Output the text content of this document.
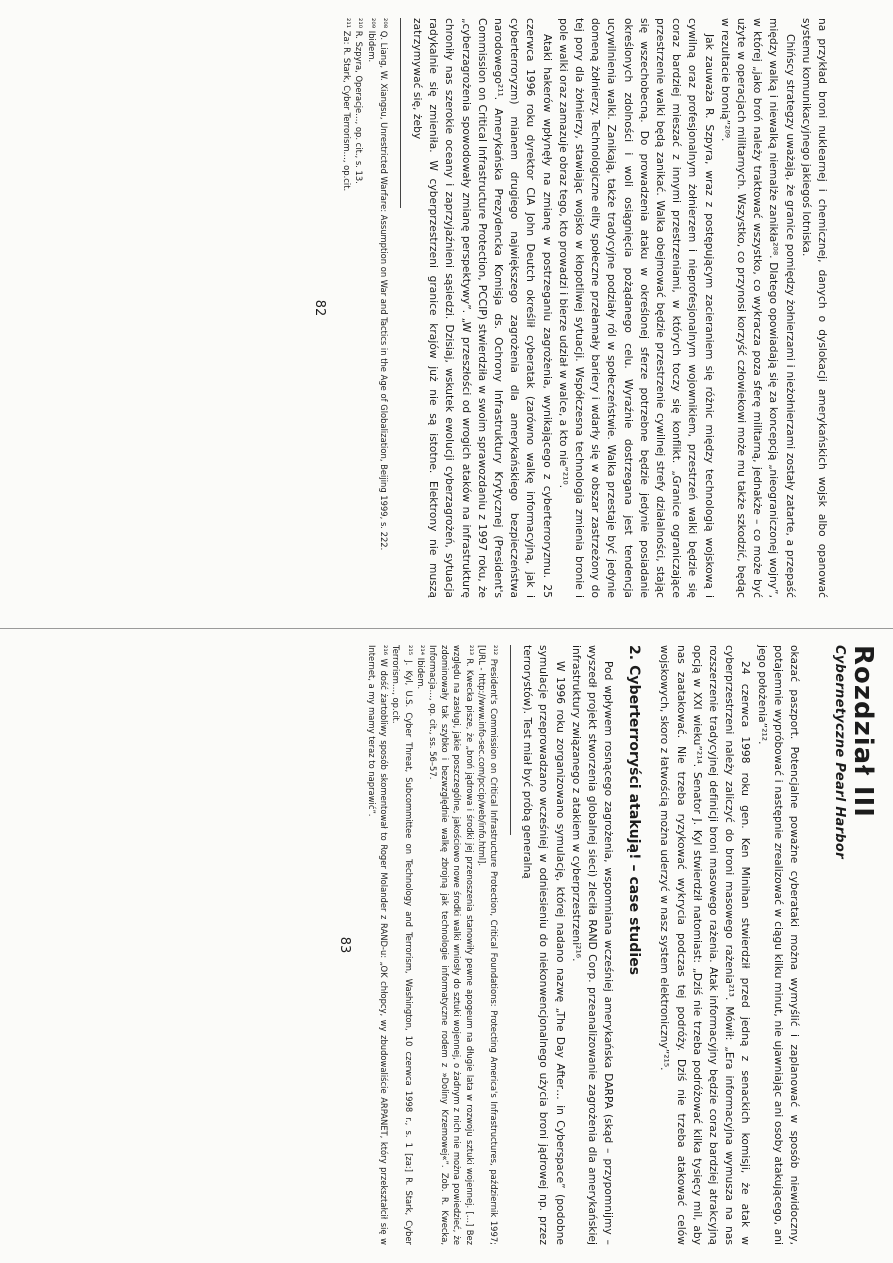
na przykład broni nuklearnej i chemicznej, danych o dyslokacji amerykańskich wojsk albo opanować systemu komunikacyjnego jakiegoś lotniska.

Chińscy strategzy uważają, że granice pomiędzy żołnierzami i nieżołnierzami zostały zatarte, a przepaść między walką i niewalką niemalże zanikła²⁰⁸. Dlatego opowiadają się za koncepcją „nieograniczonej wojny”, w której „jako broń należy traktować wszystko, co wykracza poza sferę militarną, jednakże – co może być użyte w operacjach militarnych. Wszystko, co przynosi korzyść człowiekowi może mu także szkodzić, będąc w rezultacie bronią”²⁰⁹.

Jak zauważa R. Szpyra, wraz z postępującym zacieraniem się różnic między technologią wojskową i cywilną oraz profesjonalnym żołnierzem i nieprofesjonalnym wojownikiem, przestrzeń walki będzie się coraz bardziej mieszać z innymi przestrzeniami, w których toczy się konflikt. „Granice ograniczające przestrzenie walki będą zanikać. Walka obejmować będzie przestrzenie cywilnej strefy działalności, stając się wszechobecną. Do prowadzenia ataku w określonej sferze potrzebne będzie jedynie posiadanie określonych zdolności i woli osiągnięcia pożądanego celu. Wyraźnie dostrzegana jest tendencja ucywilnienia walki. Zanikają, także tradycyjne podziały ról w społeczeństwie. Walka przestaje być jedynie domeną żołnierzy. Technologiczne elity społeczne przełamały bariery i wdarły się w obszar zastrzeżony do tej pory dla żołnierzy, stawiając wojsko w kłopotliwej sytuacji. Współczesna technologia zmienia bronie i pole walki oraz zamazuje obraz tego, kto prowadzi i bierze udział w walce, a kto nie”²¹⁰.

Ataki hakerów wpłynęły na zmianę w postrzeganiu zagrożenia, wynikającego z cyberterroryzmu. 25 czerwca 1996 roku dyrektor CIA John Deutch określił cyberatak (zarówno walkę informacyjną, jak i cyberterroryzm) mianem drugiego największego zagrożenia dla amerykańskiego bezpieczeństwa narodowego²¹¹. Amerykańska Prezydencka Komisja ds. Ochrony Infrastruktury Krytycznej (President's Commission on Critical Infrastructure Protection, PCCIP) stwierdziła w swoim sprawozdaniu z 1997 roku, że „cyberzagrożenia spowodowały zmianę perspektywy”. „W przeszłości od wrogich ataków na infrastrukturę chroniły nas szerokie oceany i zaprzyjaźnieni sąsiedzi. Dzisiaj, wskutek ewolucji cyberzagrożeń, sytuacja radykalnie się zmieniła. W cyberprzestrzeni granice krajów już nie są istotne. Elektrony nie muszą zatrzymywać się, żeby

²⁰⁸ Q. Liang, W. Xiangsu, Unrestricted Warfare: Assumption on War and Tactics in the Age of Globalization, Beijing 1999, s. 222.
²⁰⁹ Ibidem.
²¹⁰ R. Szpyra, Operacje…, op. cit., s. 13.
²¹¹ Za: R. Stark, Cyber Terrorism…, op.cit.
82
Rozdział III
Cybernetyczne Pearl Harbor

okazać paszport. Potencjalne poważne cyberataki można wymyślić i zaplanować w sposób niewidoczny, potajemnie wypróbować i następnie zrealizować w ciągu kilku minut, nie ujawniając ani osoby atakującego, ani jego położenia”²¹².

24 czerwca 1998 roku gen. Ken Minihan stwierdził przed jedną z senackich komisji, że atak w cyberprzestrzeni należy zaliczyć do broni masowego rażenia²¹³. Mówił: „Era informacyjna wymusza na nas rozszerzenie tradycyjnej definicji broni masowego rażenia. Atak informacyjny będzie coraz bardziej atrakcyjną opcją w XXI wieku”²¹⁴. Senator J. Kyl stwierdził natomiast: „Dziś nie trzeba podróżować kilka tysięcy mil, aby nas zaatakować. Nie trzeba ryzykować wykrycia podczas tej podróży. Dziś nie trzeba atakować celów wojskowych, skoro z łatwością można uderzyć w nasz system elektroniczny”²¹⁵.

2. Cyberterroryści atakują! – case studies

Pod wpływem rosnącego zagrożenia, wspomniana wcześniej amerykańska DARPA (skąd – przypomnijmy – wyszedł projekt stworzenia globalnej sieci) zleciła RAND Corp. przeanalizowanie zagrożenia dla amerykańskiej infrastruktury związanego z atakiem w cyberprzestrzeni²¹⁶.

W 1996 roku zorganizowano symulację, której nadano nazwę „The Day After… in Cyberspace” (podobne symulacje przeprowadzano wcześniej w odniesieniu do niekonwencjonalnego użycia broni jądrowej np. przez terrorystów). Test miał być próbą generalną

²¹² President's Commission on Critical Infrastructure Protection, Critical Foundations: Protecting America's Infrastructures, październik 1997; [URL - http://www.info-sec.com/pccip/web/info.html].
²¹³ R. Kwecka pisze, że „broń jądrowa i środki jej przenoszenia stanowiły pewne apogeum na długie lata w rozwoju sztuki wojennej. […] Bez względu na zasługi, jakie poszczególne, jakościowo nowe środki walki wniosły do sztuki wojennej, o żadnym z nich nie można powiedzieć, że zdominowały tak szybko i bezwzględnie walkę zbrojną jak technologie informatyczne rodem z »Doliny Krzemowej«”. Zob. R. Kwecka, Informacja…, op. cit., ss. 56–57.
²¹⁴ Ibidem.
²¹⁵ J. Kyl, U.S. Cyber Threat, Subcommittee on Technology and Terrorism, Washington, 10 czerwca 1998 r., s. 1 [za:] R. Stark, Cyber Terrorism…, op.cit.
²¹⁶ W dość żartobliwy sposób skomentował to Roger Molander z RAND-u: „OK chłopcy, wy zbudowaliście ARPANET, który przekształcił się w Internet, a my mamy teraz to naprawić”.
83
